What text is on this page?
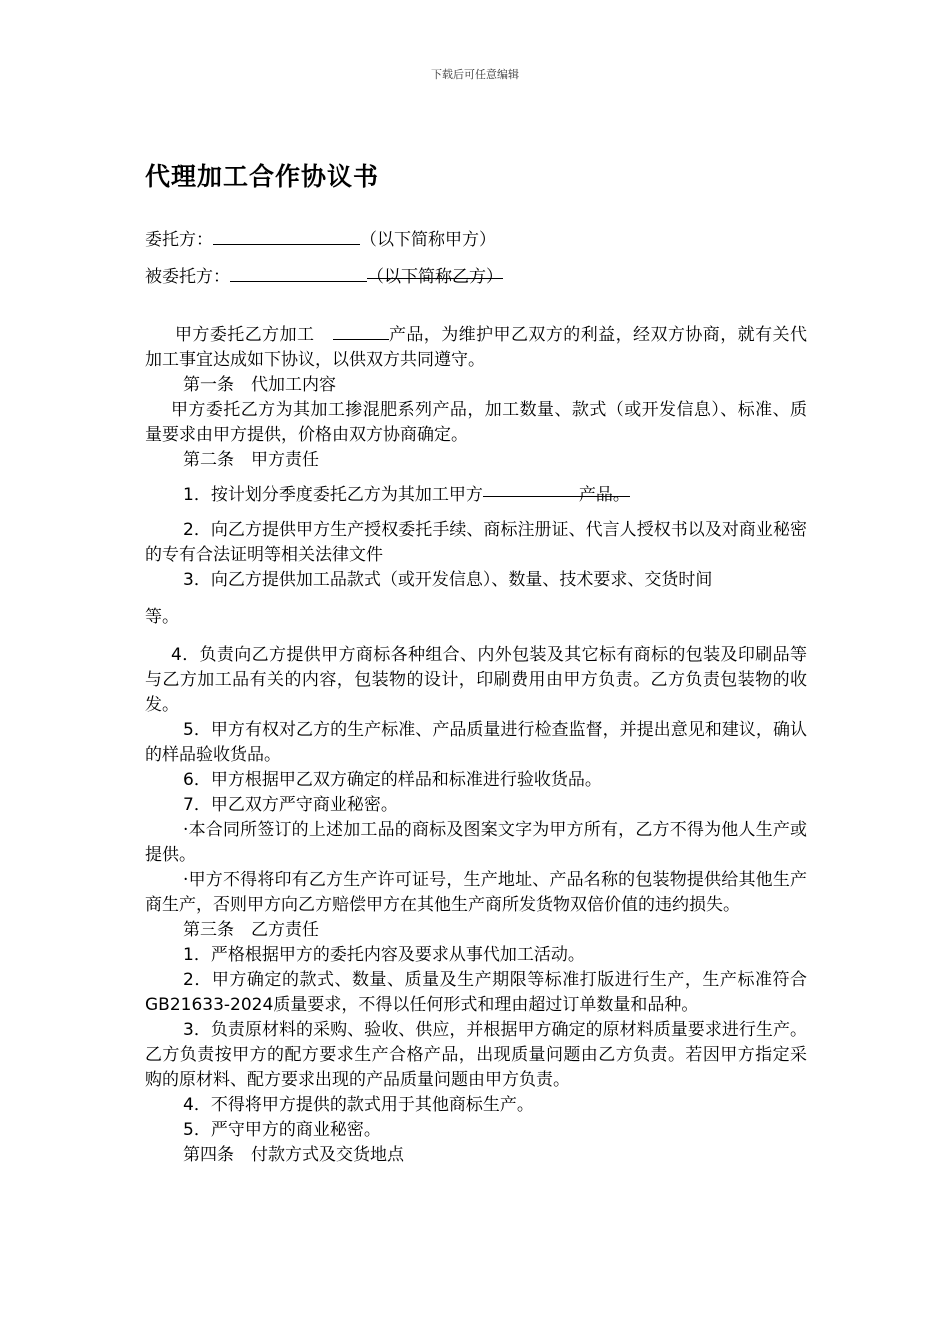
下载后可任意编辑
代理加工合作协议书
委托方：	（以下简称甲方）
被委托方：	（以下简称乙方）

甲方委托乙方加工	产品，为维护甲乙双方的利益，经双方协商，就有关代加工事宜达成如下协议，以供双方共同遵守。

第一条　代加工内容

甲方委托乙方为其加工掺混肥系列产品，加工数量、款式（或开发信息）、标准、质量要求由甲方提供，价格由双方协商确定。

第二条　甲方责任

1．按计划分季度委托乙方为其加工甲方	产品。

2．向乙方提供甲方生产授权委托手续、商标注册证、代言人授权书以及对商业秘密的专有合法证明等相关法律文件

3．向乙方提供加工品款式（或开发信息）、数量、技术要求、交货时间

等。

4．负责向乙方提供甲方商标各种组合、内外包装及其它标有商标的包装及印刷品等与乙方加工品有关的内容，包装物的设计，印刷费用由甲方负责。乙方负责包装物的收发。

5．甲方有权对乙方的生产标准、产品质量进行检查监督，并提出意见和建议，确认的样品验收货品。

6．甲方根据甲乙双方确定的样品和标准进行验收货品。

7．甲乙双方严守商业秘密。

·本合同所签订的上述加工品的商标及图案文字为甲方所有，乙方不得为他人生产或提供。

·甲方不得将印有乙方生产许可证号，生产地址、产品名称的包装物提供给其他生产商生产，否则甲方向乙方赔偿甲方在其他生产商所发货物双倍价值的违约损失。

第三条　乙方责任

1．严格根据甲方的委托内容及要求从事代加工活动。

2．甲方确定的款式、数量、质量及生产期限等标准打版进行生产，生产标准符合GB21633-2024质量要求，不得以任何形式和理由超过订单数量和品种。

3．负责原材料的采购、验收、供应，并根据甲方确定的原材料质量要求进行生产。乙方负责按甲方的配方要求生产合格产品，出现质量问题由乙方负责。若因甲方指定采购的原材料、配方要求出现的产品质量问题由甲方负责。

4．不得将甲方提供的款式用于其他商标生产。

5．严守甲方的商业秘密。

第四条　付款方式及交货地点
